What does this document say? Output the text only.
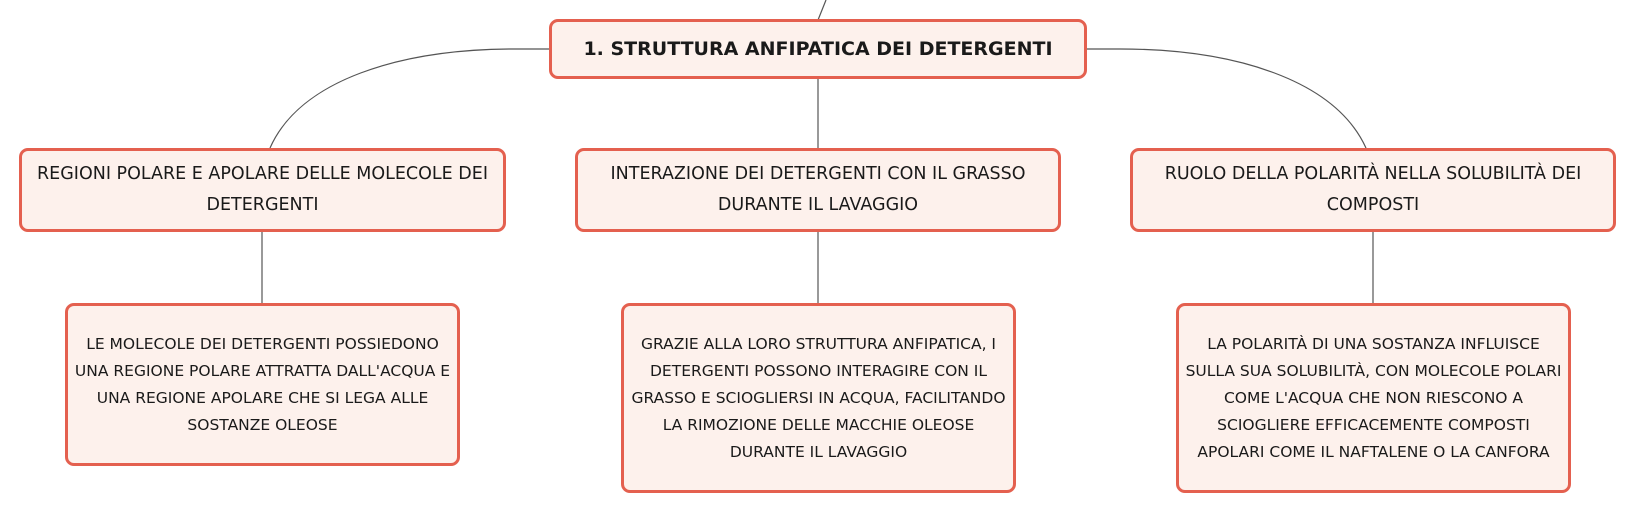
1. STRUTTURA ANFIPATICA DEI DETERGENTI
REGIONI POLARE E APOLARE DELLE MOLECOLE DEI DETERGENTI
INTERAZIONE DEI DETERGENTI CON IL GRASSO DURANTE IL LAVAGGIO
RUOLO DELLA POLARITÀ NELLA SOLUBILITÀ DEI COMPOSTI
LE MOLECOLE DEI DETERGENTI POSSIEDONO UNA REGIONE POLARE ATTRATTA DALL'ACQUA E UNA REGIONE APOLARE CHE SI LEGA ALLE SOSTANZE OLEOSE
GRAZIE ALLA LORO STRUTTURA ANFIPATICA, I DETERGENTI POSSONO INTERAGIRE CON IL GRASSO E SCIOGLIERSI IN ACQUA, FACILITANDO LA RIMOZIONE DELLE MACCHIE OLEOSE DURANTE IL LAVAGGIO
LA POLARITÀ DI UNA SOSTANZA INFLUISCE SULLA SUA SOLUBILITÀ, CON MOLECOLE POLARI COME L'ACQUA CHE NON RIESCONO A SCIOGLIERE EFFICACEMENTE COMPOSTI APOLARI COME IL NAFTALENE O LA CANFORA
